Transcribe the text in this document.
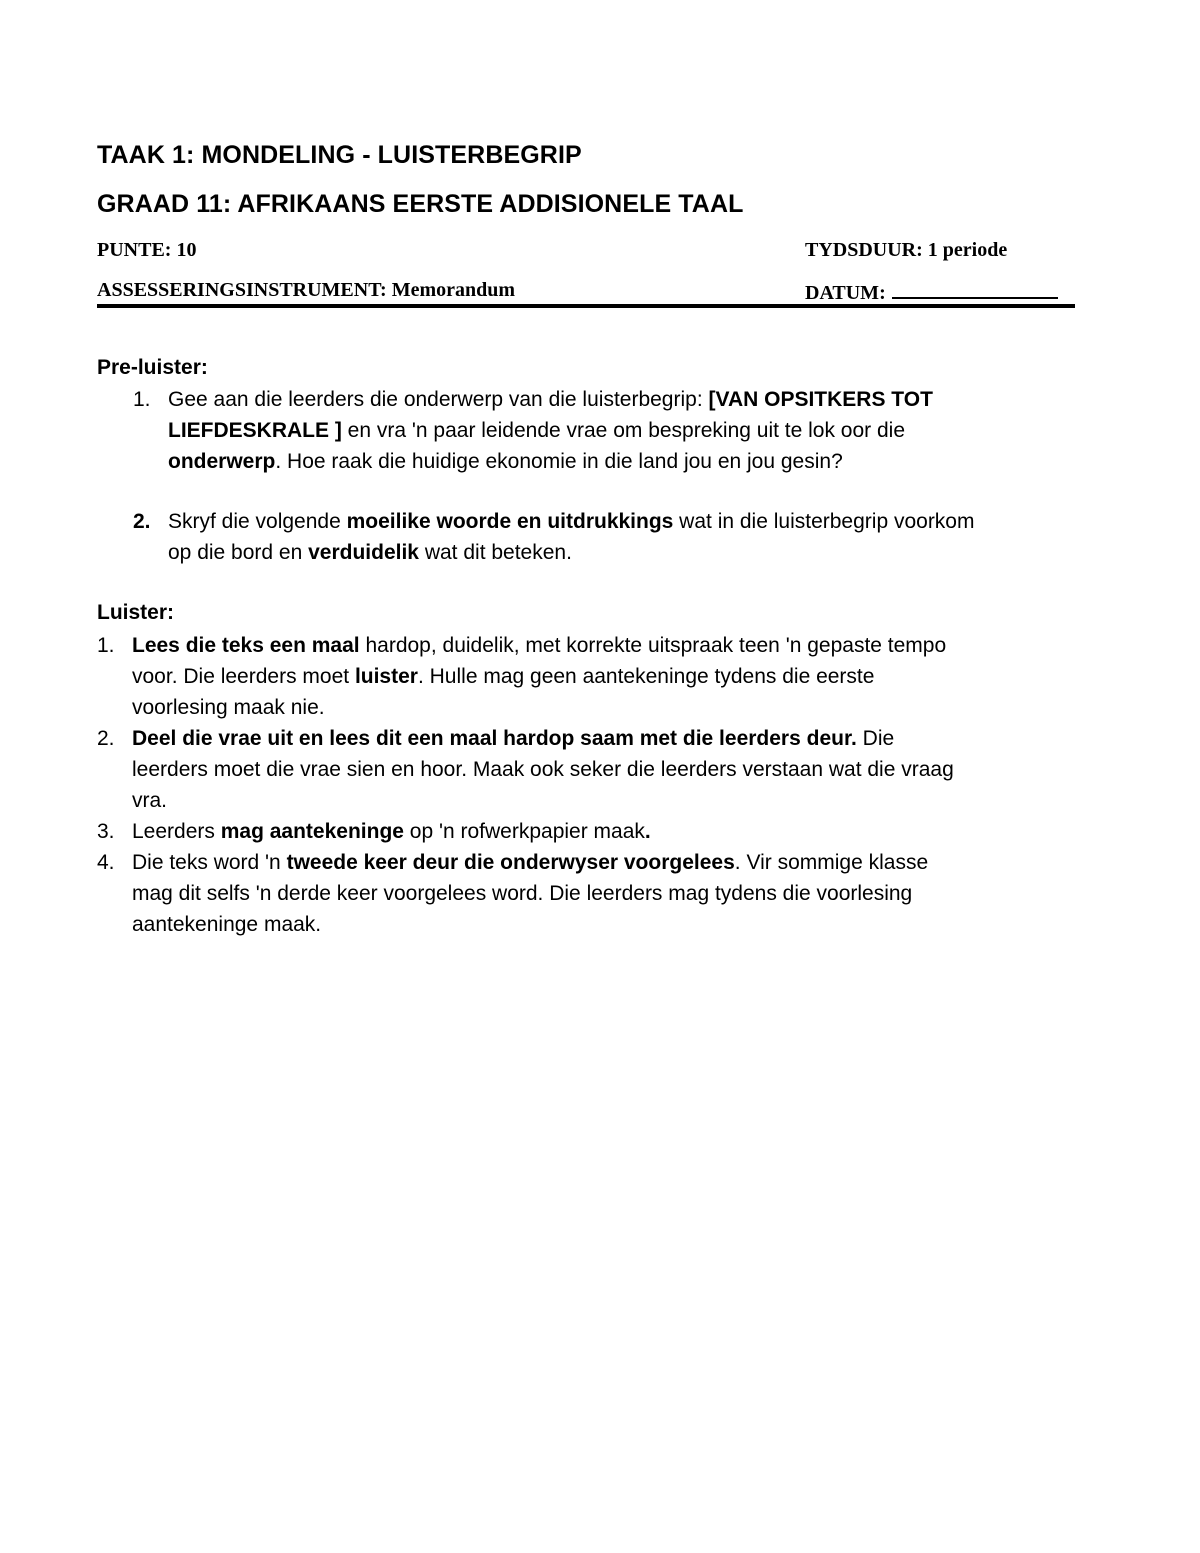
TAAK 1: MONDELING - LUISTERBEGRIP
GRAAD 11: AFRIKAANS EERSTE ADDISIONELE TAAL
PUNTE: 10	TYDSDUUR: 1 periode
ASSESSERINGSINSTRUMENT: Memorandum	DATUM:
Pre-luister:
1. Gee aan die leerders die onderwerp van die luisterbegrip: [VAN OPSITKERS TOT
LIEFDESKRALE ] en vra 'n paar leidende vrae om bespreking uit te lok oor die
onderwerp. Hoe raak die huidige ekonomie in die land jou en jou gesin?
2. Skryf die volgende moeilike woorde en uitdrukkings wat in die luisterbegrip voorkom
op die bord en verduidelik wat dit beteken.
Luister:
1. Lees die teks een maal hardop, duidelik, met korrekte uitspraak teen 'n gepaste tempo
voor. Die leerders moet luister. Hulle mag geen aantekeninge tydens die eerste
voorlesing maak nie.
2. Deel die vrae uit en lees dit een maal hardop saam met die leerders deur. Die
leerders moet die vrae sien en hoor. Maak ook seker die leerders verstaan wat die vraag
vra.
3. Leerders mag aantekeninge op 'n rofwerkpapier maak.
4. Die teks word 'n tweede keer deur die onderwyser voorgelees. Vir sommige klasse
mag dit selfs 'n derde keer voorgelees word. Die leerders mag tydens die voorlesing
aantekeninge maak.
